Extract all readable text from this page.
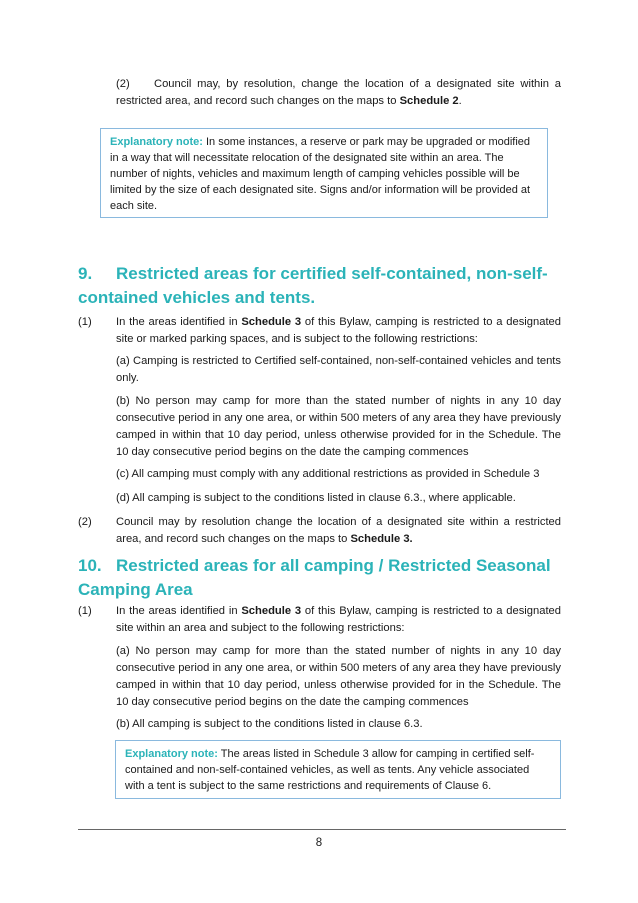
(2) Council may, by resolution, change the location of a designated site within a restricted area, and record such changes on the maps to Schedule 2.
Explanatory note: In some instances, a reserve or park may be upgraded or modified in a way that will necessitate relocation of the designated site within an area. The number of nights, vehicles and maximum length of camping vehicles possible will be limited by the size of each designated site. Signs and/or information will be provided at each site.
9. Restricted areas for certified self-contained, non-self-
contained vehicles and tents.
(1)	In the areas identified in Schedule 3 of this Bylaw, camping is restricted to a designated site or marked parking spaces, and is subject to the following restrictions:
(a) Camping is restricted to Certified self-contained, non-self-contained vehicles and tents only.
(b) No person may camp for more than the stated number of nights in any 10 day consecutive period in any one area, or within 500 meters of any area they have previously camped in within that 10 day period, unless otherwise provided for in the Schedule. The 10 day consecutive period begins on the date the camping commences
(c) All camping must comply with any additional restrictions as provided in Schedule 3
(d) All camping is subject to the conditions listed in clause 6.3., where applicable.
(2)	Council may by resolution change the location of a designated site within a restricted area, and record such changes on the maps to Schedule 3.
10. Restricted areas for all camping / Restricted Seasonal
Camping Area
(1)	In the areas identified in Schedule 3 of this Bylaw, camping is restricted to a designated site within an area and subject to the following restrictions:
(a) No person may camp for more than the stated number of nights in any 10 day consecutive period in any one area, or within 500 meters of any area they have previously camped in within that 10 day period, unless otherwise provided for in the Schedule. The 10 day consecutive period begins on the date the camping commences
(b) All camping is subject to the conditions listed in clause 6.3.
Explanatory note: The areas listed in Schedule 3 allow for camping in certified self-contained and non-self-contained vehicles, as well as tents. Any vehicle associated with a tent is subject to the same restrictions and requirements of Clause 6.
8
